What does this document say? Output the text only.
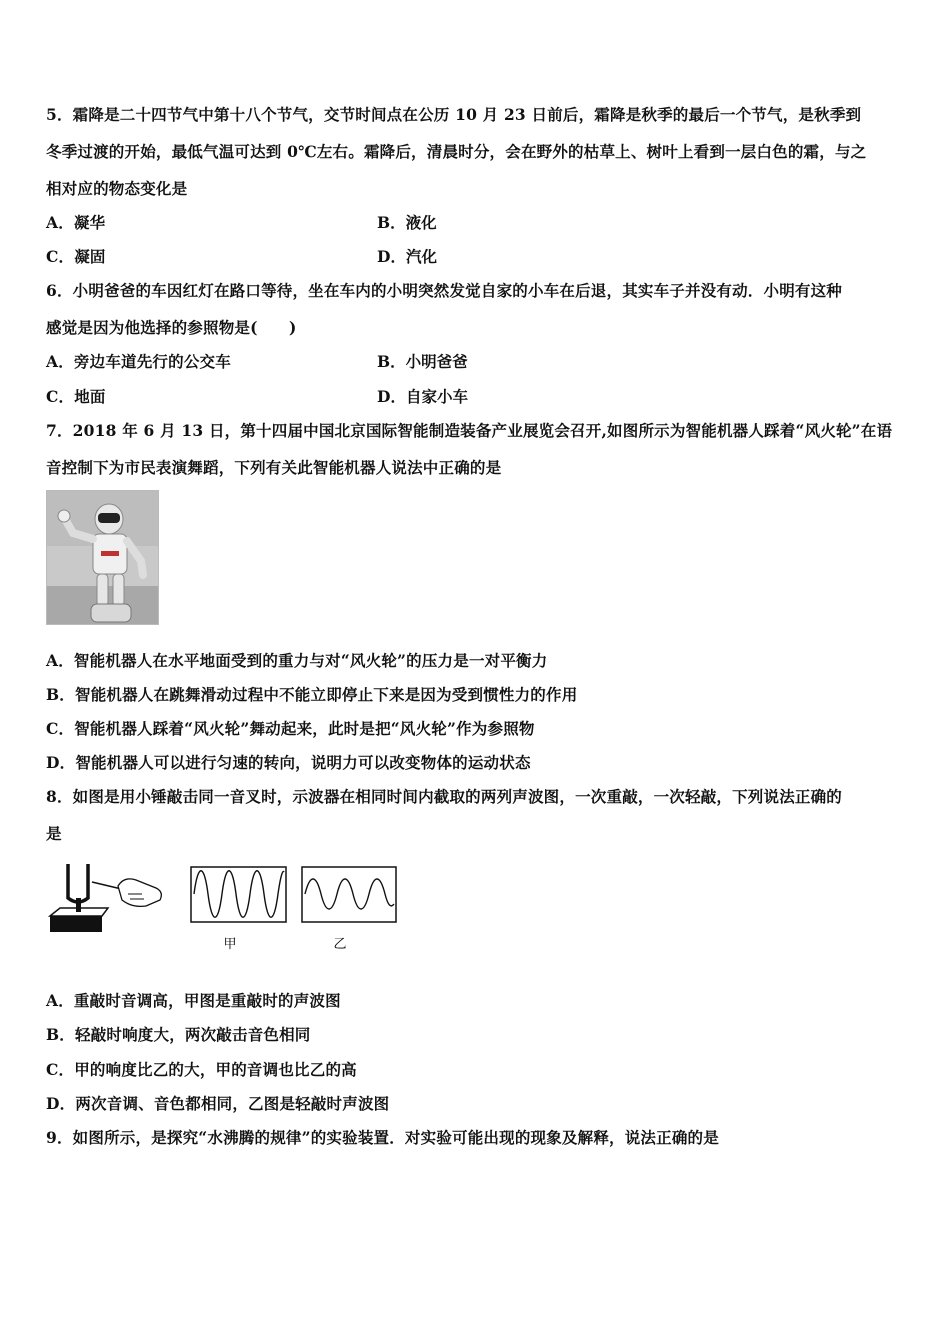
5．霜降是二十四节气中第十八个节气，交节时间点在公历 10 月 23 日前后，霜降是秋季的最后一个节气，是秋季到
冬季过渡的开始，最低气温可达到 0℃左右。霜降后，清晨时分，会在野外的枯草上、树叶上看到一层白色的霜，与之
相对应的物态变化是
A．凝华	B．液化
C．凝固	D．汽化
6．小明爸爸的车因红灯在路口等待，坐在车内的小明突然发觉自家的小车在后退，其实车子并没有动．小明有这种
感觉是因为他选择的参照物是(　　)
A．旁边车道先行的公交车	B．小明爸爸
C．地面	D．自家小车
7．2018 年 6 月 13 日，第十四届中国北京国际智能制造装备产业展览会召开,如图所示为智能机器人踩着“风火轮”在语
音控制下为市民表演舞蹈，下列有关此智能机器人说法中正确的是
A．智能机器人在水平地面受到的重力与对“风火轮”的压力是一对平衡力
B．智能机器人在跳舞滑动过程中不能立即停止下来是因为受到惯性力的作用
C．智能机器人踩着“风火轮”舞动起来，此时是把“风火轮”作为参照物
D．智能机器人可以进行匀速的转向，说明力可以改变物体的运动状态
8．如图是用小锤敲击同一音叉时，示波器在相同时间内截取的两列声波图，一次重敲，一次轻敲，下列说法正确的
是
甲	乙
A．重敲时音调高，甲图是重敲时的声波图
B．轻敲时响度大，两次敲击音色相同
C．甲的响度比乙的大，甲的音调也比乙的高
D．两次音调、音色都相同，乙图是轻敲时声波图
9．如图所示，是探究“水沸腾的规律”的实验装置．对实验可能出现的现象及解释，说法正确的是
